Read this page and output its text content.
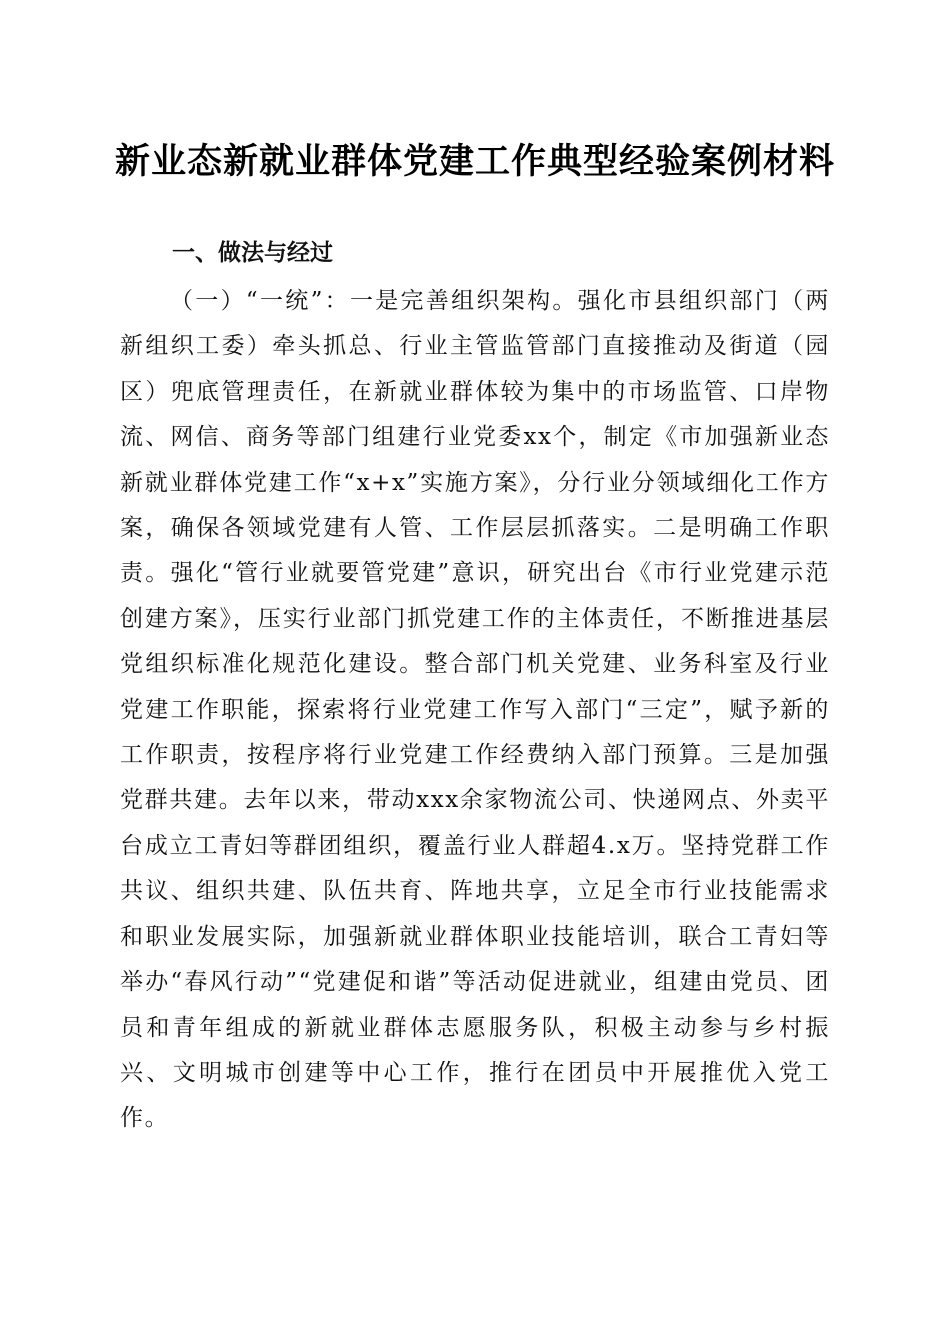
新业态新就业群体党建工作典型经验案例材料
一、做法与经过

（一）“一统”：一是完善组织架构。强化市县组织部门（两新组织工委）牵头抓总、行业主管监管部门直接推动及街道（园区）兜底管理责任，在新就业群体较为集中的市场监管、口岸物流、网信、商务等部门组建行业党委xx个，制定《市加强新业态新就业群体党建工作“x+x”实施方案》，分行业分领域细化工作方案，确保各领域党建有人管、工作层层抓落实。二是明确工作职责。强化“管行业就要管党建”意识，研究出台《市行业党建示范创建方案》，压实行业部门抓党建工作的主体责任，不断推进基层党组织标准化规范化建设。整合部门机关党建、业务科室及行业党建工作职能，探索将行业党建工作写入部门“三定”，赋予新的工作职责，按程序将行业党建工作经费纳入部门预算。三是加强党群共建。去年以来，带动xxx余家物流公司、快递网点、外卖平台成立工青妇等群团组织，覆盖行业人群超4.x万。坚持党群工作共议、组织共建、队伍共育、阵地共享，立足全市行业技能需求和职业发展实际，加强新就业群体职业技能培训，联合工青妇等举办“春风行动”“党建促和谐”等活动促进就业，组建由党员、团员和青年组成的新就业群体志愿服务队，积极主动参与乡村振兴、文明城市创建等中心工作，推行在团员中开展推优入党工作。
